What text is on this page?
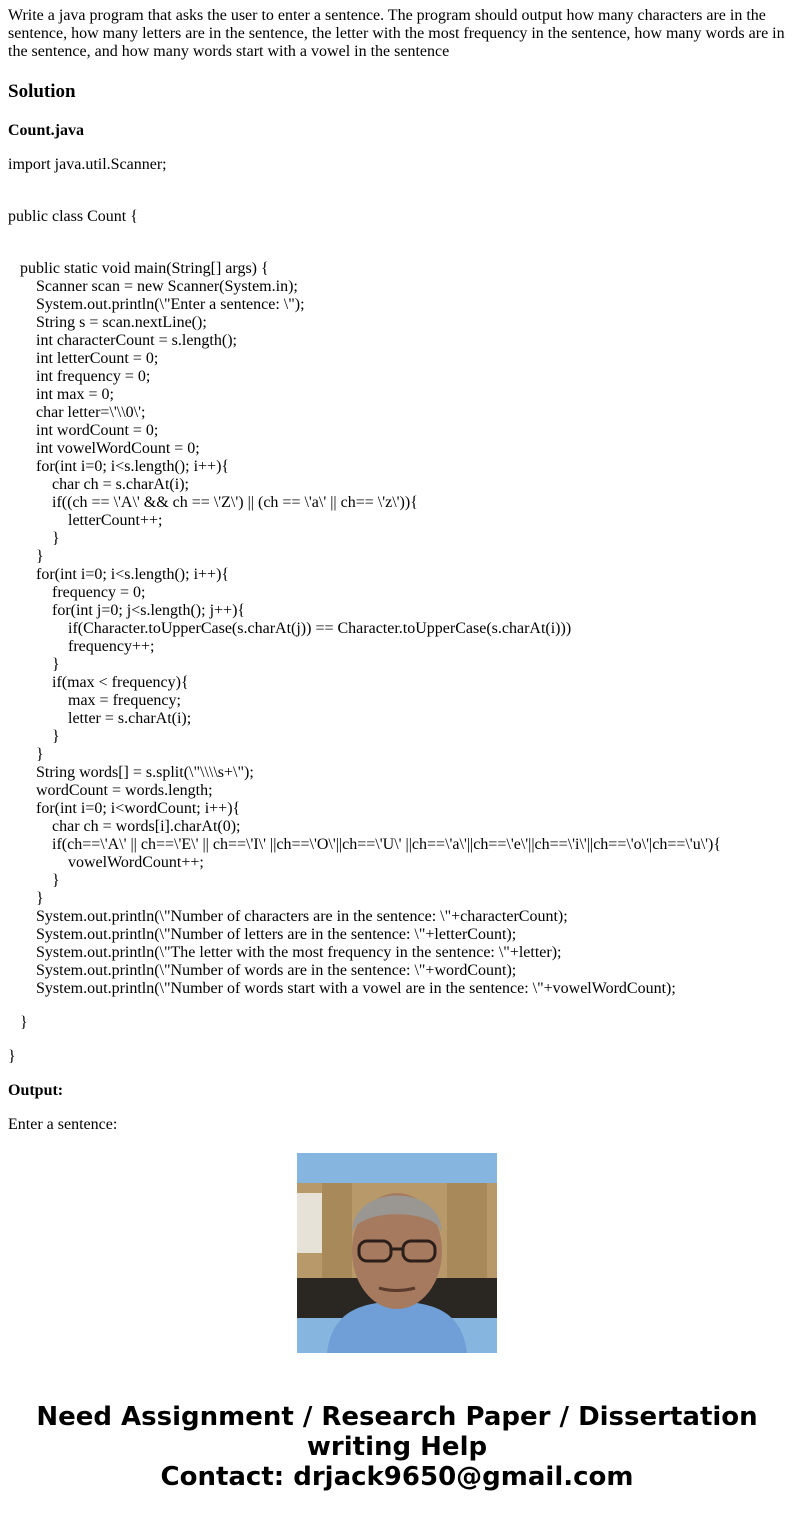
Write a java program that asks the user to enter a sentence. The program should output how many characters are in the sentence, how many letters are in the sentence, the letter with the most frequency in the sentence, how many words are in the sentence, and how many words start with a vowel in the sentence
Solution
Count.java
import java.util.Scanner;
public class Count {
public static void main(String[] args) {
Scanner scan = new Scanner(System.in);
System.out.println(\"Enter a sentence: \");
String s = scan.nextLine();
int characterCount = s.length();
int letterCount = 0;
int frequency = 0;
int max = 0;
char letter=\'\\0\';
int wordCount = 0;
int vowelWordCount = 0;
for(int i=0; i<s.length(); i++){
char ch = s.charAt(i);
if((ch == \'A\' && ch == \'Z\') || (ch == \'a\' || ch== \'z\')){
letterCount++;
}
}
for(int i=0; i<s.length(); i++){
frequency = 0;
for(int j=0; j<s.length(); j++){
if(Character.toUpperCase(s.charAt(j)) == Character.toUpperCase(s.charAt(i)))
frequency++;
}
if(max < frequency){
max = frequency;
letter = s.charAt(i);
}
}
String words[] = s.split(\"\\\\s+\");
wordCount = words.length;
for(int i=0; i<wordCount; i++){
char ch = words[i].charAt(0);
if(ch==\'A\' || ch==\'E\' || ch==\'I\' ||ch==\'O\'||ch==\'U\' ||ch==\'a\'||ch==\'e\'||ch==\'i\'||ch==\'o\'|ch==\'u\'){
vowelWordCount++;
}
}
System.out.println(\"Number of characters are in the sentence: \"+characterCount);
System.out.println(\"Number of letters are in the sentence: \"+letterCount);
System.out.println(\"The letter with the most frequency in the sentence: \"+letter);
System.out.println(\"Number of words are in the sentence: \"+wordCount);
System.out.println(\"Number of words start with a vowel are in the sentence: \"+vowelWordCount);
}
}
Output:
Enter a sentence:
Need Assignment / Research Paper / Dissertation
writing Help
Contact: drjack9650@gmail.com
